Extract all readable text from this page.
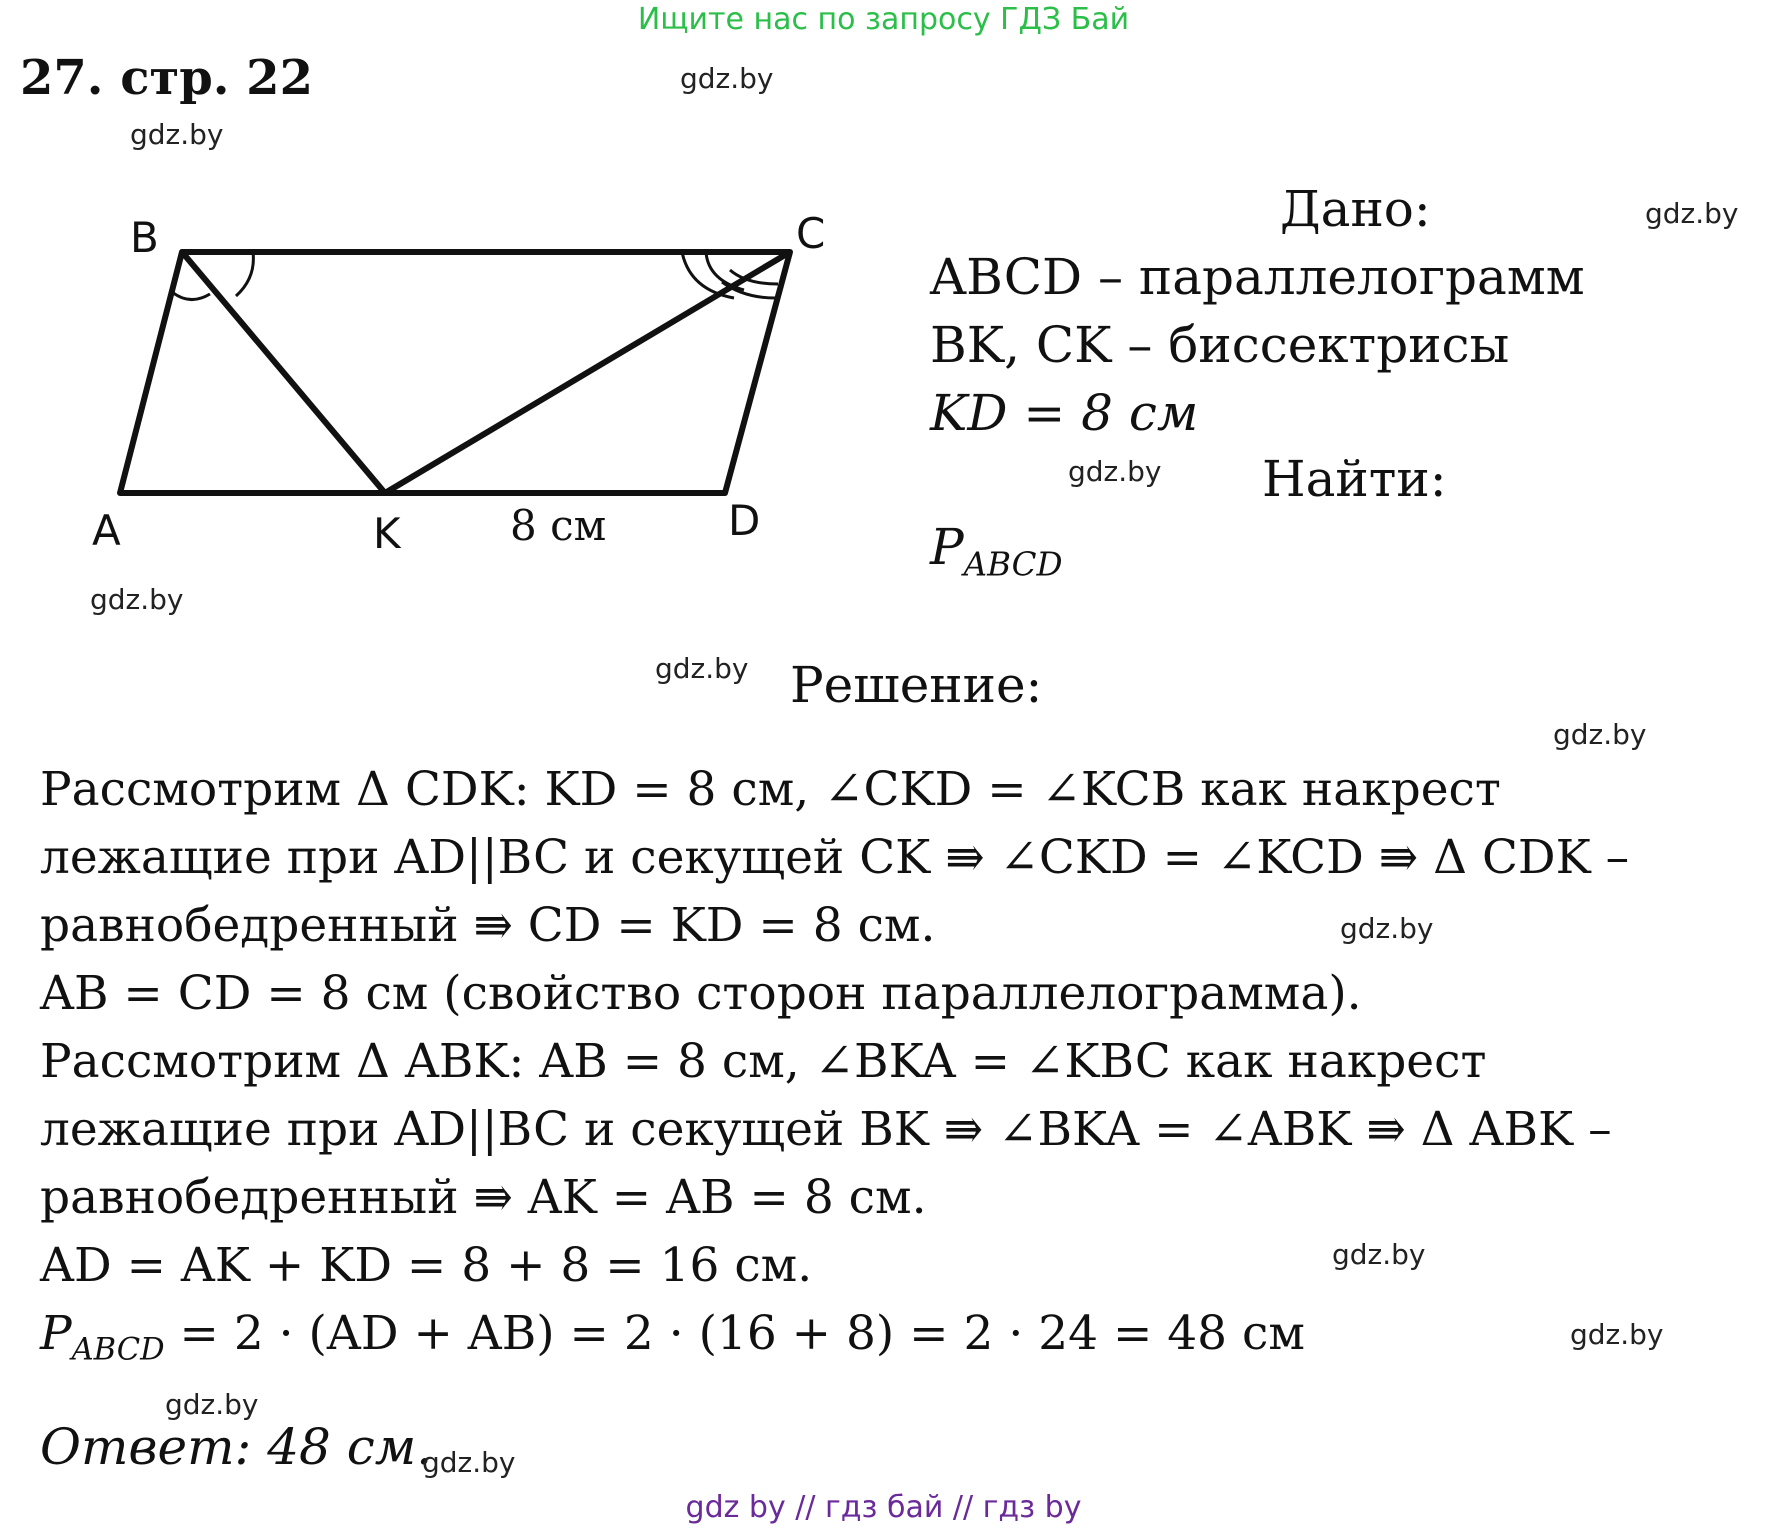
Ищите нас по запросу ГДЗ Бай
27. стр. 22
B	C
A	K	D
8 см
Дано:
ABCD – параллелограмм
BK, CK – биссектрисы
KD = 8 см
Найти:
$P_{ABCD}$
Решение:
Рассмотрим Δ CDK: KD = 8 см, ∠CKD = ∠KCB как накрест
лежащие при AD||BC и секущей CK ⇛ ∠CKD = ∠KCD ⇛ Δ CDK –
равнобедренный ⇛ CD = KD = 8 см.
AB = CD = 8 см (свойство сторон параллелограмма).
Рассмотрим Δ ABK: AB = 8 см, ∠BKA = ∠KBC как накрест
лежащие при AD||BC и секущей BK ⇛ ∠BKA = ∠ABK ⇛ Δ ABK –
равнобедренный ⇛ AK = AB = 8 см.
AD = AK + KD = 8 + 8 = 16 см.
$P_{ABCD} = 2 \cdot (AD + AB) = 2 \cdot (16 + 8) = 2 \cdot 24 = 48$ см
Ответ: 48 см.
gdz.by
gdz.by
gdz.by
gdz.by
gdz.by
gdz.by
gdz.by
gdz.by
gdz.by
gdz.by
gdz.by
gdz.by
gdz by // гдз бай // гдз by
